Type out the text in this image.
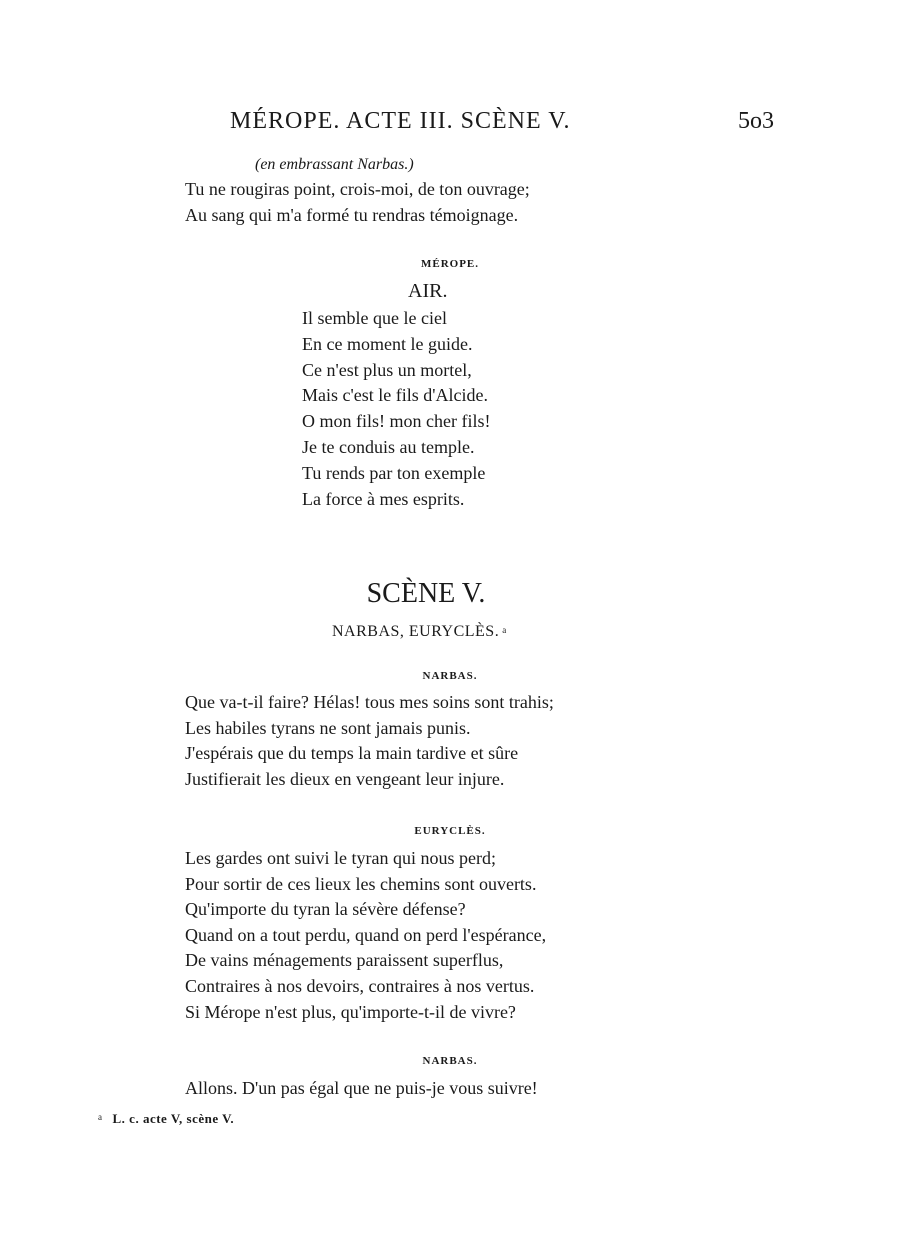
MÉROPE. ACTE III. SCÈNE V.	5o3
(en embrassant Narbas.)
Tu ne rougiras point, crois-moi, de ton ouvrage;
Au sang qui m'a formé tu rendras témoignage.
MÉROPE.
AIR.
Il semble que le ciel
En ce moment le guide.
Ce n'est plus un mortel,
Mais c'est le fils d'Alcide.
O mon fils! mon cher fils!
Je te conduis au temple.
Tu rends par ton exemple
La force à mes esprits.
SCÈNE V.
NARBAS, EURYCLÈS. $^a$
NARBAS.
Que va-t-il faire? Hélas! tous mes soins sont trahis;
Les habiles tyrans ne sont jamais punis.
J'espérais que du temps la main tardive et sûre
Justifierait les dieux en vengeant leur injure.
EURYCLÈS.
Les gardes ont suivi le tyran qui nous perd;
Pour sortir de ces lieux les chemins sont ouverts.
Qu'importe du tyran la sévère défense?
Quand on a tout perdu, quand on perd l'espérance,
De vains ménagements paraissent superflus,
Contraires à nos devoirs, contraires à nos vertus.
Si Mérope n'est plus, qu'importe-t-il de vivre?
NARBAS.
Allons. D'un pas égal que ne puis-je vous suivre!
$^a$ L. c. acte V, scène V.
